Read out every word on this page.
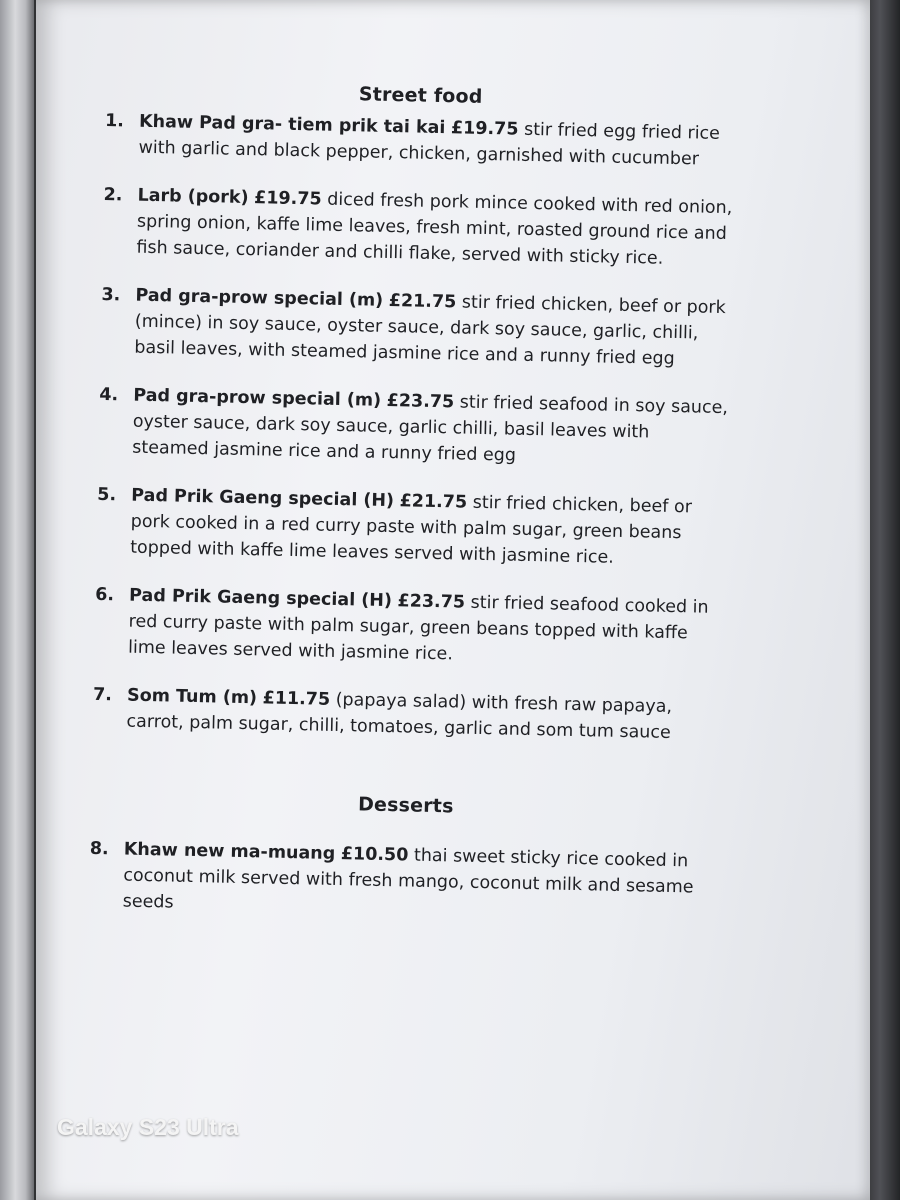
Street food
1. Khaw Pad gra- tiem prik tai kai £19.75 stir fried egg fried rice with garlic and black pepper, chicken, garnished with cucumber
2. Larb (pork) £19.75 diced fresh pork mince cooked with red onion, spring onion, kaffe lime leaves, fresh mint, roasted ground rice and fish sauce, coriander and chilli flake, served with sticky rice.
3. Pad gra-prow special (m) £21.75 stir fried chicken, beef or pork (mince) in soy sauce, oyster sauce, dark soy sauce, garlic, chilli, basil leaves, with steamed jasmine rice and a runny fried egg
4. Pad gra-prow special (m) £23.75 stir fried seafood in soy sauce, oyster sauce, dark soy sauce, garlic chilli, basil leaves with steamed jasmine rice and a runny fried egg
5. Pad Prik Gaeng special (H) £21.75 stir fried chicken, beef or pork cooked in a red curry paste with palm sugar, green beans topped with kaffe lime leaves served with jasmine rice.
6. Pad Prik Gaeng special (H) £23.75 stir fried seafood cooked in red curry paste with palm sugar, green beans topped with kaffe lime leaves served with jasmine rice.
7. Som Tum (m) £11.75 (papaya salad) with fresh raw papaya, carrot, palm sugar, chilli, tomatoes, garlic and som tum sauce
Desserts
8. Khaw new ma-muang £10.50 thai sweet sticky rice cooked in coconut milk served with fresh mango, coconut milk and sesame seeds
Galaxy S23 Ultra
